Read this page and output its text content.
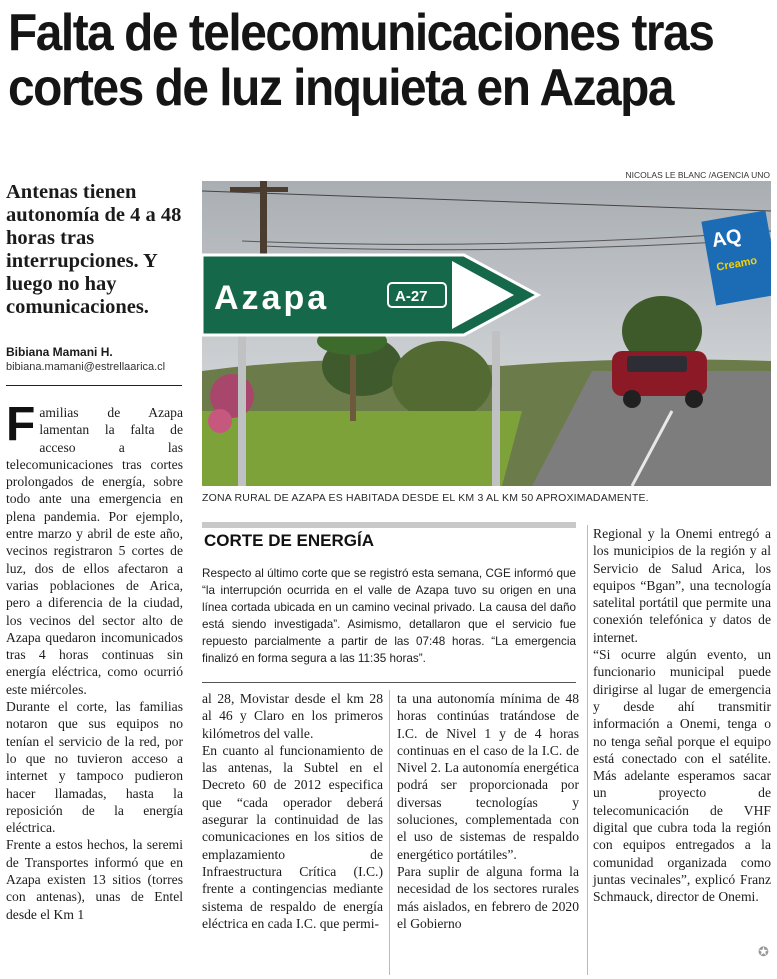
Falta de telecomunicaciones tras
cortes de luz inquieta en Azapa
Antenas tienen autonomía de 4 a 48 horas tras interrupciones. Y luego no hay comunicaciones.
Bibiana Mamani H.
bibiana.mamani@estrellaarica.cl

Familias de Azapa lamentan la falta de acceso a las telecomunicaciones tras cortes prolongados de energía, sobre todo ante una emergencia en plena pandemia. Por ejemplo, entre marzo y abril de este año, vecinos registraron 5 cortes de luz, dos de ellos afectaron a varias poblaciones de Arica, pero a diferencia de la ciudad, los vecinos del sector alto de Azapa quedaron incomunicados tras 4 horas continuas sin energía eléctrica, como ocurrió este miércoles.

Durante el corte, las familias notaron que sus equipos no tenían el servicio de la red, por lo que no tuvieron acceso a internet y tampoco pudieron hacer llamadas, hasta la reposición de la energía eléctrica.

Frente a estos hechos, la seremi de Transportes informó que en Azapa existen 13 sitios (torres con antenas), unas de Entel desde el Km 1

NICOLAS LE BLANC /AGENCIA UNO
AQ
Creamo
Azapa	A-27
ZONA RURAL DE AZAPA ES HABITADA DESDE EL KM 3 AL KM 50 APROXIMADAMENTE.
CORTE DE ENERGÍA
Respecto al último corte que se registró esta semana, CGE informó que “la interrupción ocurrida en el valle de Azapa tuvo su origen en una línea cortada ubicada en un camino vecinal privado. La causa del daño está siendo investigada”. Asimismo, detallaron que el servicio fue repuesto parcialmente a partir de las 07:48 horas. “La emergencia finalizó en forma segura a las 11:35 horas”.

al 28, Movistar desde el km 28 al 46 y Claro en los primeros kilómetros del valle.

En cuanto al funcionamiento de las antenas, la Subtel en el Decreto 60 de 2012 especifica que “cada operador deberá asegurar la continuidad de las comunicaciones en los sitios de emplazamiento de Infraestructura Crítica (I.C.) frente a contingencias mediante sistema de respaldo de energía eléctrica en cada I.C. que permi-

ta una autonomía mínima de 48 horas continúas tratándose de I.C. de Nivel 1 y de 4 horas continuas en el caso de la I.C. de Nivel 2. La autonomía energética podrá ser proporcionada por diversas tecnologías y soluciones, complementada con el uso de sistemas de respaldo energético portátiles”.

Para suplir de alguna forma la necesidad de los sectores rurales más aislados, en febrero de 2020 el Gobierno

Regional y la Onemi entregó a los municipios de la región y al Servicio de Salud Arica, los equipos “Bgan”, una tecnología satelital portátil que permite una conexión telefónica y datos de internet.

“Si ocurre algún evento, un funcionario municipal puede dirigirse al lugar de emergencia y desde ahí transmitir información a Onemi, tenga o no tenga señal porque el equipo está conectado con el satélite. Más adelante esperamos sacar un proyecto de telecomunicación de VHF digital que cubra toda la región con equipos entregados a la comunidad organizada como juntas vecinales”, explicó Franz Schmauck, director de Onemi.

✪
